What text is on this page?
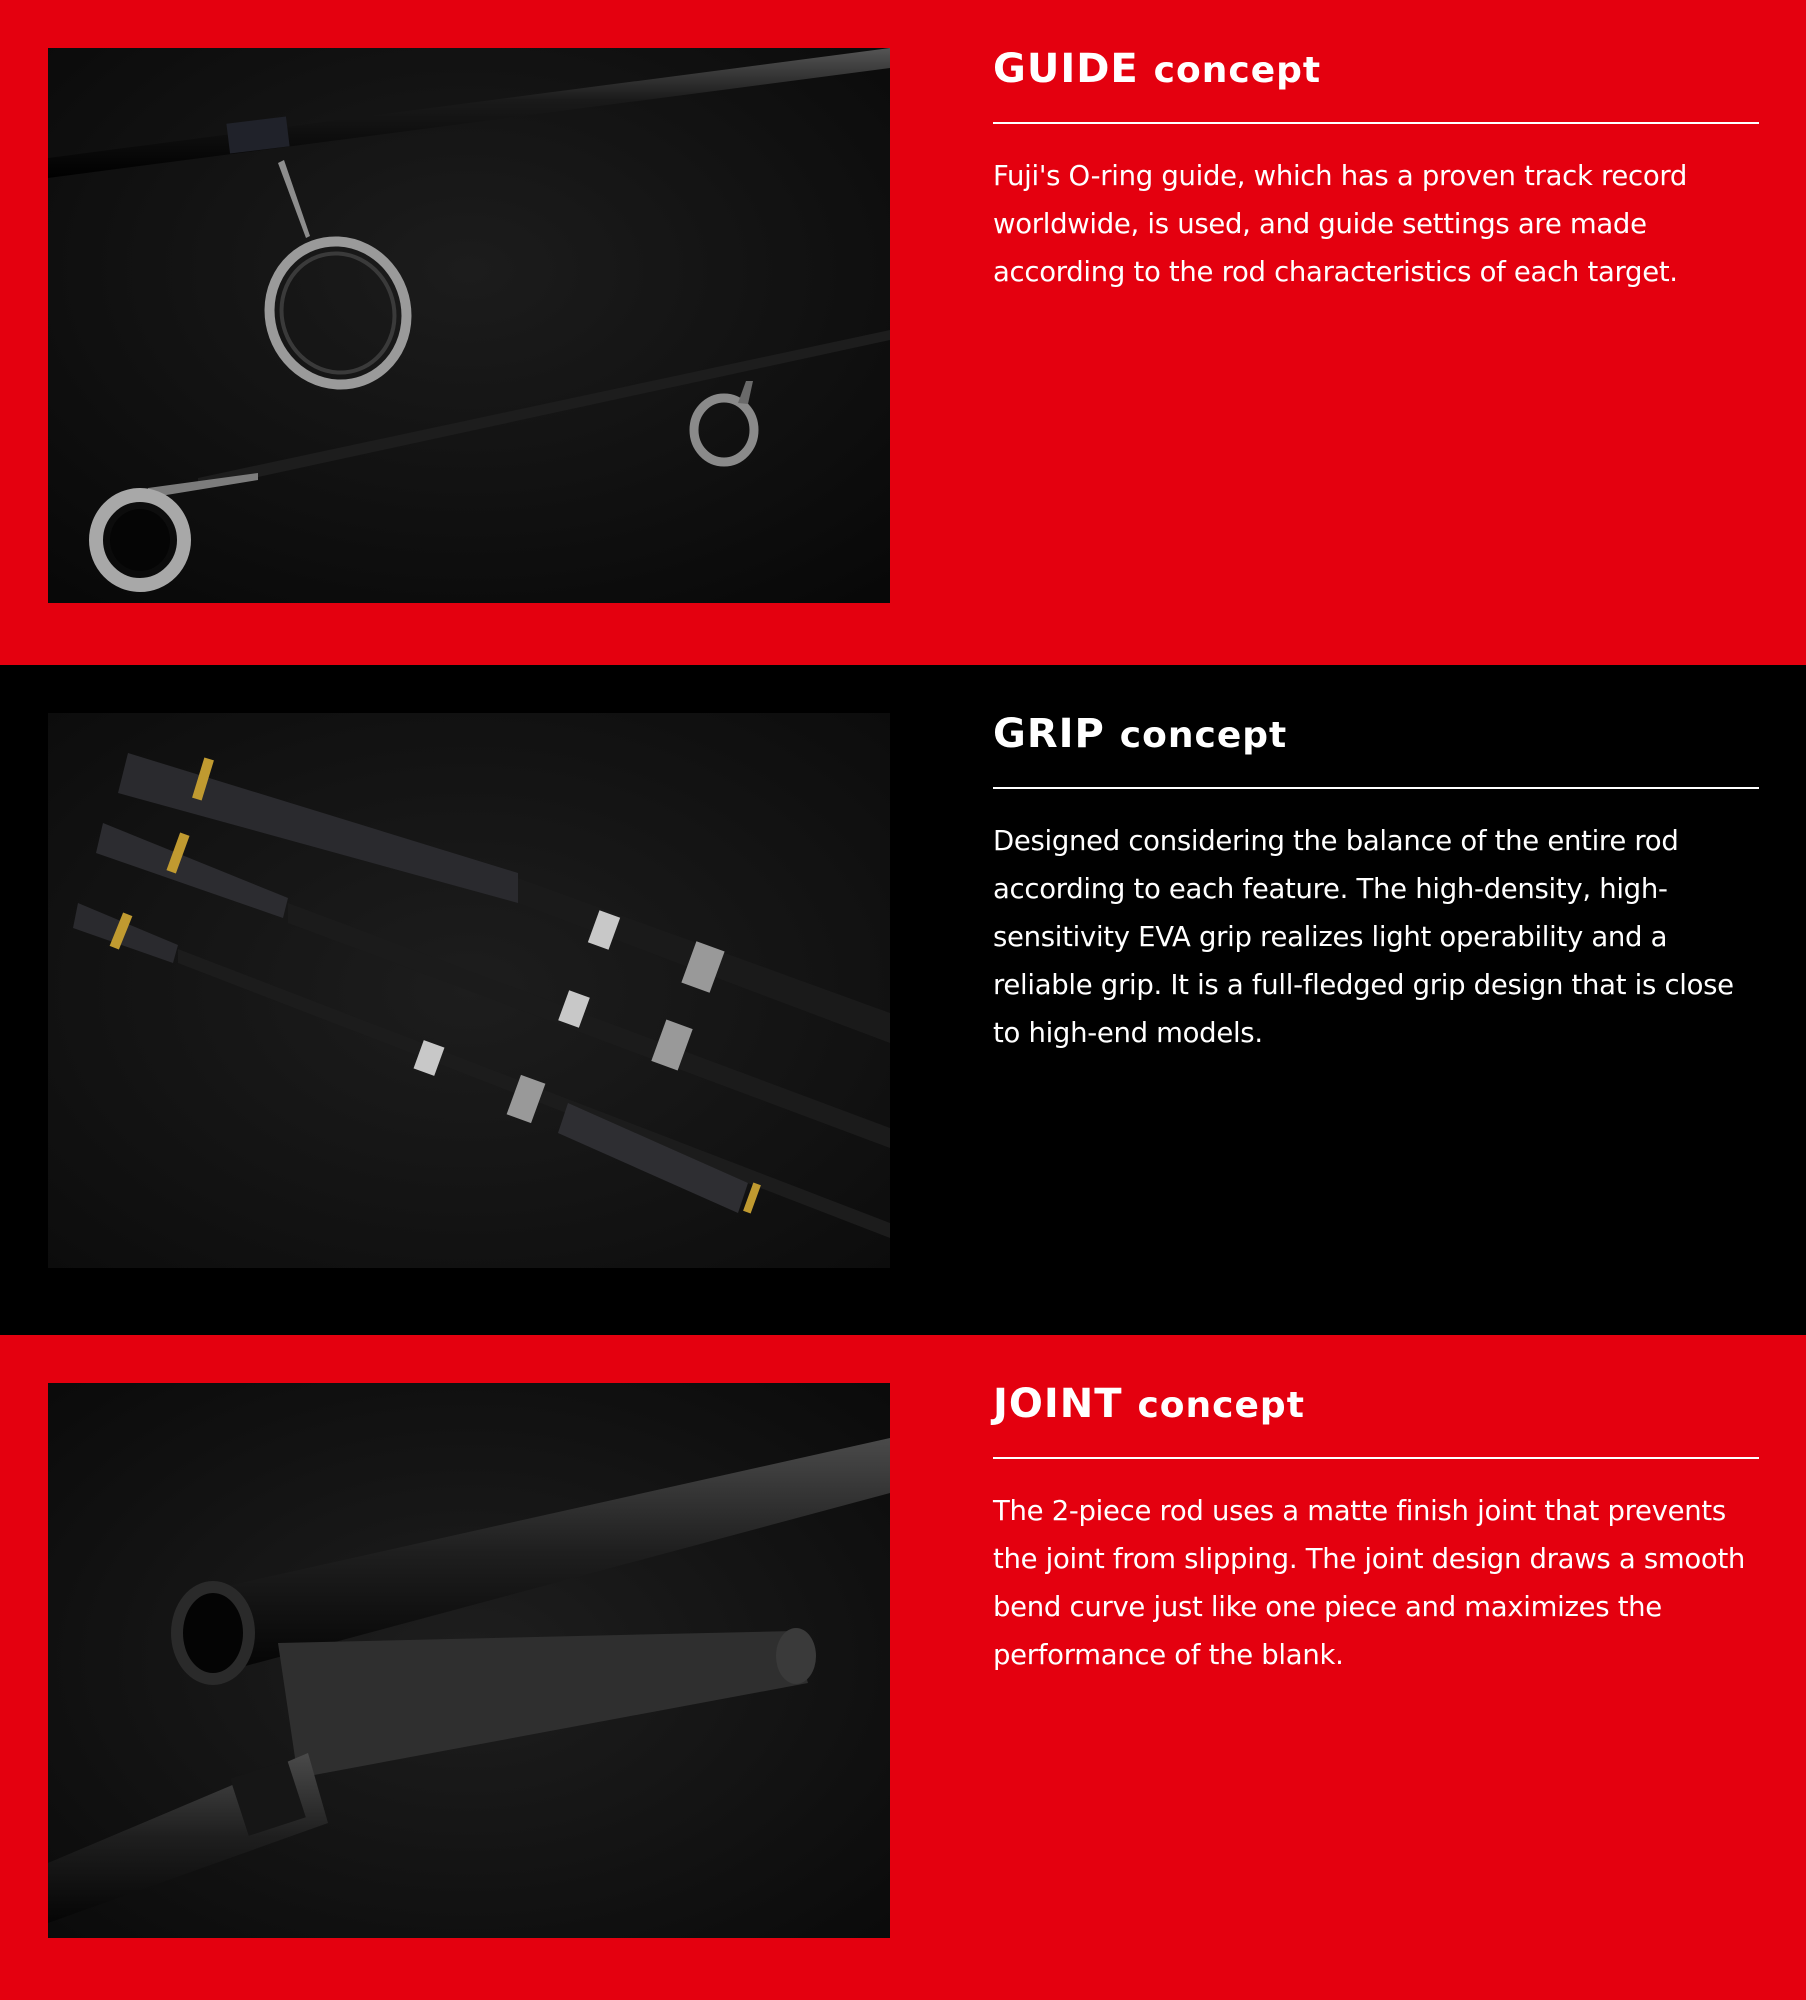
GUIDE concept

Fuji's O-ring guide, which has a proven track record worldwide, is used, and guide settings are made according to the rod characteristics of each target.

GRIP concept

Designed considering the balance of the entire rod according to each feature. The high-density, high-sensitivity EVA grip realizes light operability and a reliable grip. It is a full-fledged grip design that is close to high-end models.

JOINT concept

The 2-piece rod uses a matte finish joint that prevents the joint from slipping. The joint design draws a smooth bend curve just like one piece and maximizes the performance of the blank.
